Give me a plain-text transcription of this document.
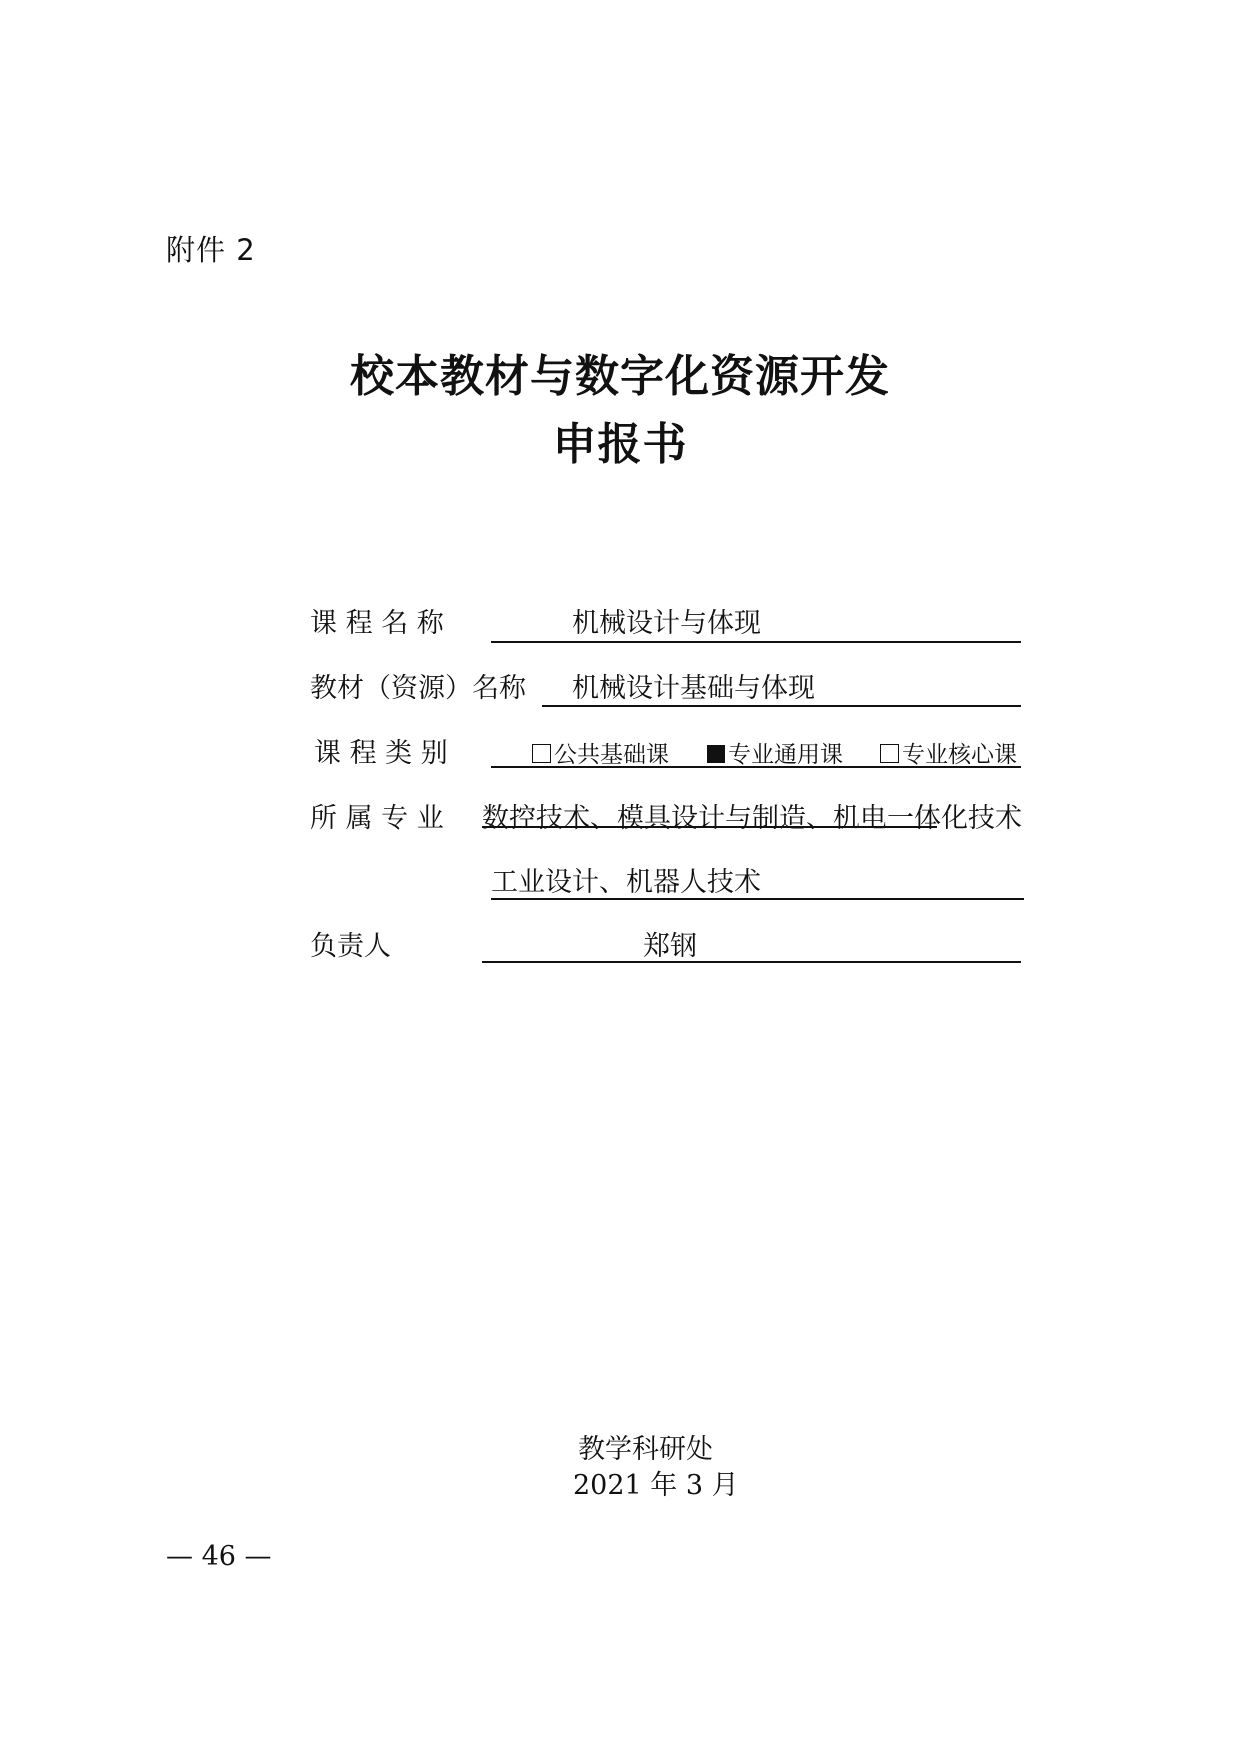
附件 2
校本教材与数字化资源开发
申报书
课 程 名 称	机械设计与体现
教材（资源）名称 机械设计基础与体现
课 程 类 别	公共基础课	专业通用课	专业核心课
所 属 专 业 数控技术、模具设计与制造、机电一体化技术
工业设计、机器人技术
负责人	郑钢
教学科研处
2021 年 3 月
— 46 —
